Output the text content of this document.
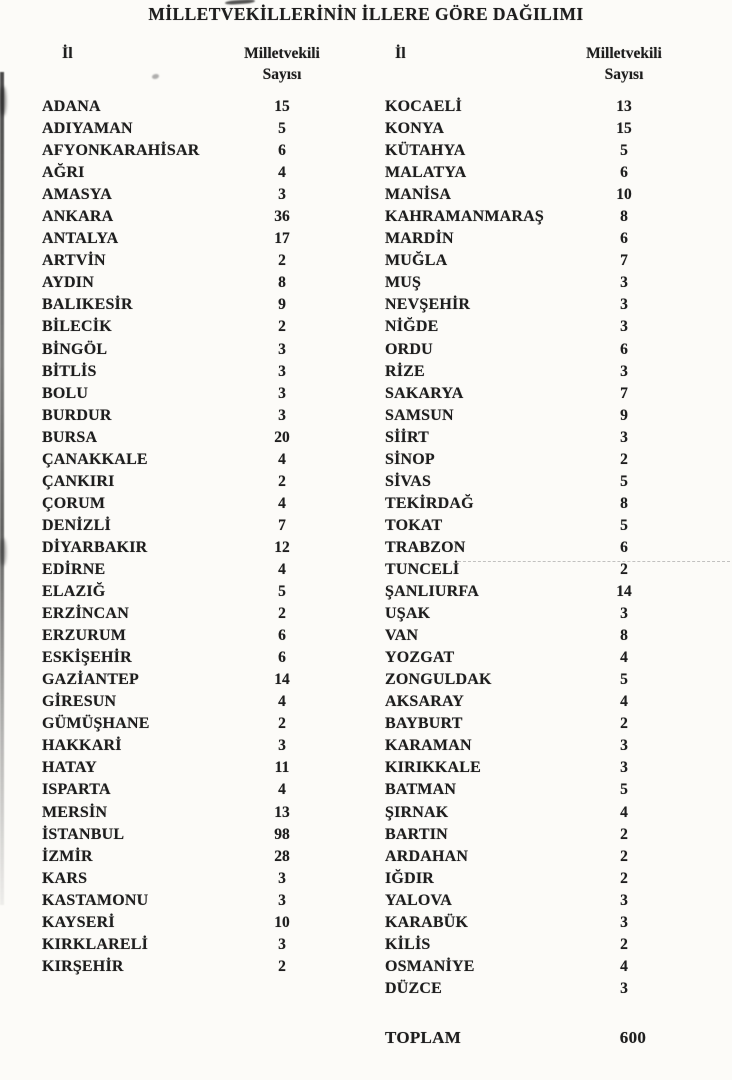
MİLLETVEKİLLERİNİN İLLERE GÖRE DAĞILIMI
İl	Milletvekili
Sayısı
ADANA	15
ADIYAMAN	5
AFYONKARAHİSAR	6
AĞRI	4
AMASYA	3
ANKARA	36
ANTALYA	17
ARTVİN	2
AYDIN	8
BALIKESİR	9
BİLECİK	2
BİNGÖL	3
BİTLİS	3
BOLU	3
BURDUR	3
BURSA	20
ÇANAKKALE	4
ÇANKIRI	2
ÇORUM	4
DENİZLİ	7
DİYARBAKIR	12
EDİRNE	4
ELAZIĞ	5
ERZİNCAN	2
ERZURUM	6
ESKİŞEHİR	6
GAZİANTEP	14
GİRESUN	4
GÜMÜŞHANE	2
HAKKARİ	3
HATAY	11
ISPARTA	4
MERSİN	13
İSTANBUL	98
İZMİR	28
KARS	3
KASTAMONU	3
KAYSERİ	10
KIRKLARELİ	3
KIRŞEHİR	2
İl	Milletvekili
Sayısı
KOCAELİ	13
KONYA	15
KÜTAHYA	5
MALATYA	6
MANİSA	10
KAHRAMANMARAŞ	8
MARDİN	6
MUĞLA	7
MUŞ	3
NEVŞEHİR	3
NİĞDE	3
ORDU	6
RİZE	3
SAKARYA	7
SAMSUN	9
SİİRT	3
SİNOP	2
SİVAS	5
TEKİRDAĞ	8
TOKAT	5
TRABZON	6
TUNCELİ	2
ŞANLIURFA	14
UŞAK	3
VAN	8
YOZGAT	4
ZONGULDAK	5
AKSARAY	4
BAYBURT	2
KARAMAN	3
KIRIKKALE	3
BATMAN	5
ŞIRNAK	4
BARTIN	2
ARDAHAN	2
IĞDIR	2
YALOVA	3
KARABÜK	3
KİLİS	2
OSMANİYE	4
DÜZCE	3
TOPLAM	600
